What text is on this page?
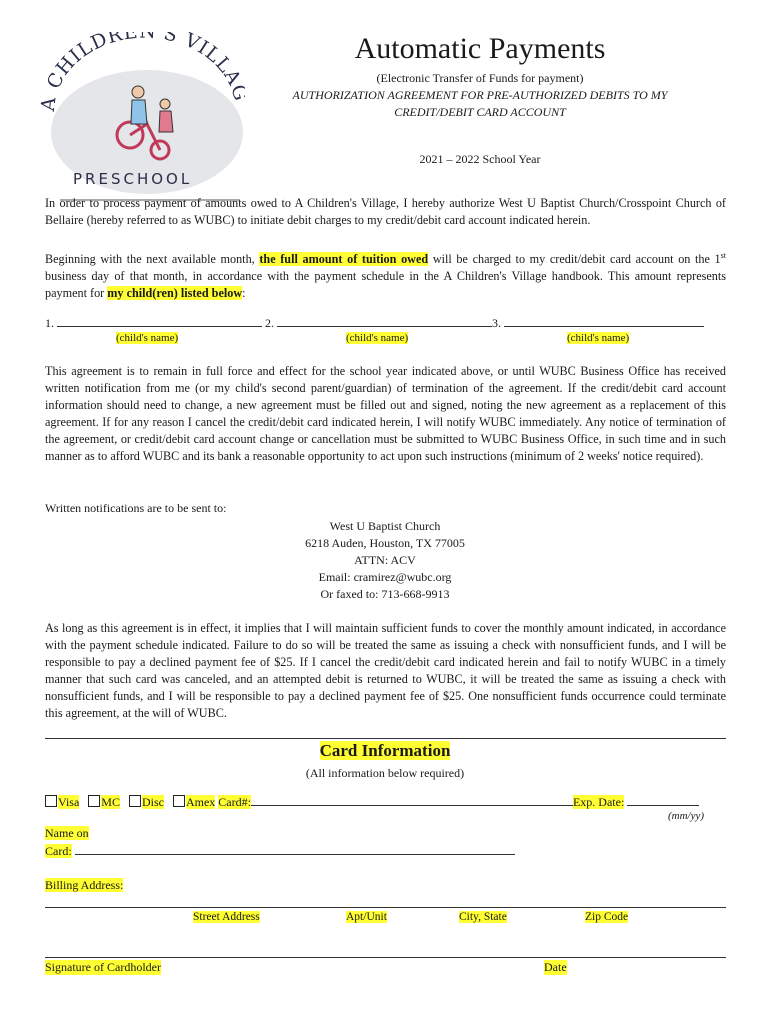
A CHILDRE 'S VILLA
PRESCHOOL
Automatic Payments
(Electronic Transfer of Funds for payment)
AUTHORIZATION AGREEMENT FOR PRE-AUTHORIZED DEBITS TO MY
CREDIT/DEBIT CARD ACCOUNT
2021 – 2022 School Year
In order to process payment of amounts owed to A Children's Village, I hereby authorize West U Baptist Church/Crosspoint Church of Bellaire (hereby referred to as WUBC) to initiate debit charges to my credit/debit card account indicated herein.
Beginning with the next available month, the full amount of tuition owed will be charged to my credit/debit card account on the 1st business day of that month, in accordance with the payment schedule in the A Children's Village handbook. This amount represents payment for my child(ren) listed below:
1.	2.	3.
(child's name)	(child's name)	(child's name)
This agreement is to remain in full force and effect for the school year indicated above, or until WUBC Business Office has received written notification from me (or my child's second parent/guardian) of termination of the agreement. If the credit/debit card account information should need to change, a new agreement must be filled out and signed, noting the new agreement as a replacement of this agreement. If for any reason I cancel the credit/debit card indicated herein, I will notify WUBC immediately. Any notice of termination of the agreement, or credit/debit card account change or cancellation must be submitted to WUBC Business Office, in such time and in such manner as to afford WUBC and its bank a reasonable opportunity to act upon such instructions (minimum of 2 weeks' notice required).
Written notifications are to be sent to:
West U Baptist Church
6218 Auden, Houston, TX 77005
ATTN: ACV
Email: cramirez@wubc.org
Or faxed to: 713-668-9913
As long as this agreement is in effect, it implies that I will maintain sufficient funds to cover the monthly amount indicated, in accordance with the payment schedule indicated. Failure to do so will be treated the same as issuing a check with nonsufficient funds, and I will be responsible to pay a declined payment fee of $25. If I cancel the credit/debit card indicated herein and fail to notify WUBC in a timely manner that such card was canceled, and an attempted debit is returned to WUBC, it will be treated the same as issuing a check with nonsufficient funds, and I will be responsible to pay a declined payment fee of $25. One nonsufficient funds occurrence could terminate this agreement, at the will of WUBC.
Card Information
(All information below required)
Visa MC Disc Amex Card#:	Exp. Date:
(mm/yy)
Name on
Card:
Billing Address:
Street Address	Apt/Unit	City, State	Zip Code
Signature of Cardholder	Date
